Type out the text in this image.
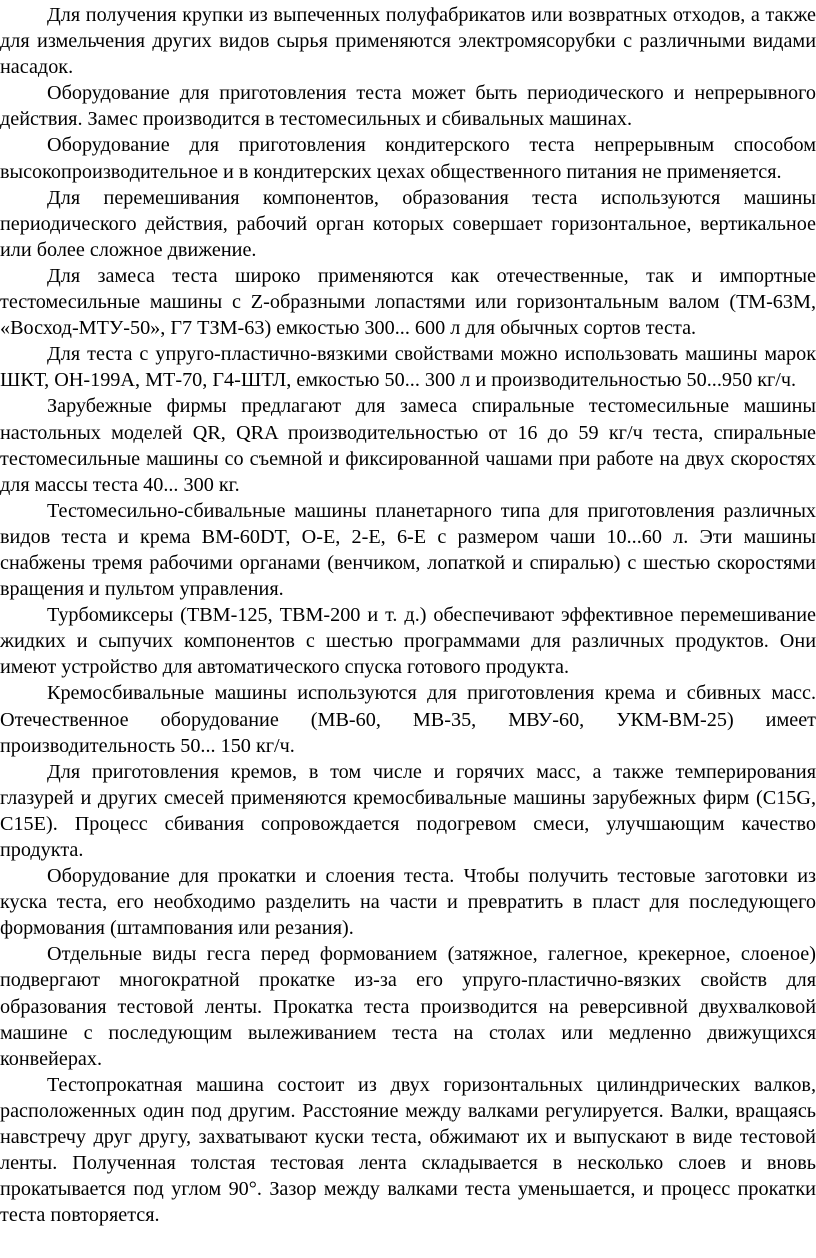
Для получения крупки из выпеченных полуфабрикатов или возвратных отходов, а также для измельчения других видов сырья применяются электромясорубки с различными видами насадок.

Оборудование для приготовления теста может быть периодического и непрерывного действия. Замес производится в тестомесильных и сбивальных машинах.

Оборудование для приготовления кондитерского теста непрерывным способом высокопроизводительное и в кондитерских цехах общественного питания не применяется.

Для перемешивания компонентов, образования теста используются машины периодического действия, рабочий орган которых совершает горизонтальное, вертикальное или более сложное движение.

Для замеса теста широко применяются как отечественные, так и импортные тестомесильные машины с Z-образными лопастями или горизонтальным валом (ТМ-63М, «Восход-МТУ-50», Г7 ТЗМ-63) емкостью 300... 600 л для обычных сортов теста.

Для теста с упруго-пластично-вязкими свойствами можно использовать машины марок ШКТ, ОН-199А, МТ-70, Г4-ШТЛ, емкостью 50... 300 л и производительностью 50...950 кг/ч.

Зарубежные фирмы предлагают для замеса спиральные тестомесильные машины настольных моделей QR, QRA производительностью от 16 до 59 кг/ч теста, спиральные тестомесильные машины со съемной и фиксированной чашами при работе на двух скоростях для массы теста 40... 300 кг.

Тестомесильно-сбивальные машины планетарного типа для приготовления различных видов теста и крема ВМ-60DT, О-Е, 2-Е, 6-Е с размером чаши 10...60 л. Эти машины снабжены тремя рабочими органами (венчиком, лопаткой и спиралью) с шестью скоростями вращения и пультом управления.

Турбомиксеры (ТВМ-125, ТВМ-200 и т. д.) обеспечивают эффективное перемешивание жидких и сыпучих компонентов с шестью программами для различных продуктов. Они имеют устройство для автоматического спуска готового продукта.

Кремосбивальные машины используются для приготовления крема и сбивных масс. Отечественное оборудование (МВ-60, МВ-35, МВУ-60, УКМ-ВМ-25) имеет производительность 50... 150 кг/ч.

Для приготовления кремов, в том числе и горячих масс, а также темперирования глазурей и других смесей применяются кремосбивальные машины зарубежных фирм (C15G, C15E). Процесс сбивания сопровождается подогревом смеси, улучшающим качество продукта.

Оборудование для прокатки и слоения теста. Чтобы получить тестовые заготовки из куска теста, его необходимо разделить на части и превратить в пласт для последующего формования (штампования или резания).

Отдельные виды гесга перед формованием (затяжное, галегное, крекерное, слоеное) подвергают многократной прокатке из-за его упруго-пластично-вязких свойств для образования тестовой ленты. Прокатка теста производится на реверсивной двухвалковой машине с последующим вылеживанием теста на столах или медленно движущихся конвейерах.

Тестопрокатная машина состоит из двух горизонтальных цилиндрических валков, расположенных один под другим. Расстояние между валками регулируется. Валки, вращаясь навстречу друг другу, захватывают куски теста, обжимают их и выпускают в виде тестовой ленты. Полученная толстая тестовая лента складывается в несколько слоев и вновь прокатывается под углом 90°. Зазор между валками теста уменьшается, и процесс прокатки теста повторяется.
